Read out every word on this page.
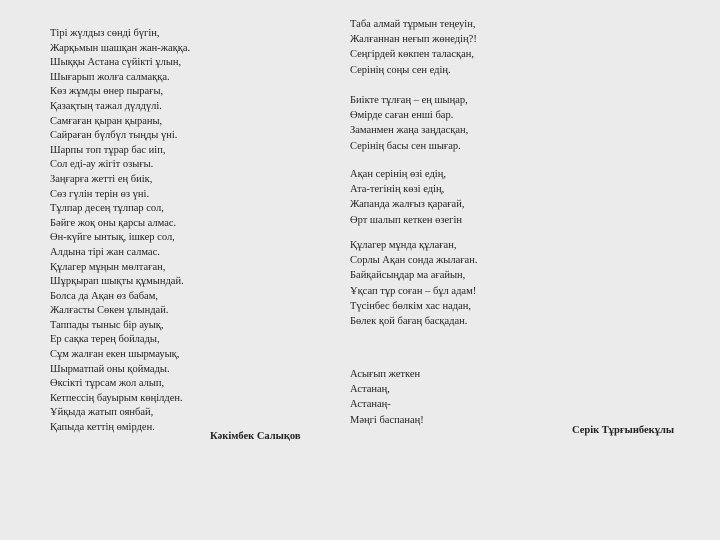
Тірі жүлдыз сөнді бүгін,
Жарқьмын шашқан жан-жаққа.
Шыққы Астана сүйікті ұлын,
Шығарып жолға салмаққа.
Көз жұмды өнер пырағы,
Қазақтың тажал дүлдүлі.
Самғаған қыран қыраны,
Сайраған бүлбүл тыңды үні.
Шарпы топ тұрар бас иіп,
Сол еді-ау жігіт озығы.
Заңғарға жетті ең биік,
Сөз гүлін терін өз үні.
Тұлпар десең тұлпар сол,
Бәйге жоқ оны қарсы алмас.
Өн-күйге ынтық, ішкер сол,
Алдына тірі жан салмас.
Құлагер мұңын мөлтаған,
Шұрқырап шықты құмындай.
Болса да Ақан өз бабам,
Жалғасты Сөкен ұлындай.
Таппады тыныс бір ауық,
Ер сақка терең бойлады,
Сұм жалған екен шырмауық,
Шырматпай оны қоймады.
Өксікті тұрсам жол алып,
Кетпессің бауырым көңілден.
Ұйқыда жатып оянбай,
Қапыда кеттің өмірден.
Кәкімбек Салықов
Таба алмай тұрмын теңеуін,
Жалғаннан неғып жөнедің?!
Сеңгірдей көкпен таласқан,
Серінің соңы сен едің.
Биікте тұлғаң – ең шыңар,
Өмірде саған енші бар.
Заманмен жаңа заңдасқан,
Серінің басы сен шығар.
Ақан серінің өзі едің,
Ата-тегінің көзі едің,
Жапанда жалғыз қарағай,
Өрт шалып кеткен өзегін
Құлагер мұнда құлаған,
Сорлы Ақан сонда жылаған.
Байқайсыңдар ма ағайын,
Ұқсап тұр соған – бұл адам!
Түсінбес бөлкім хас надан,
Бөлек қой бағаң басқадан.
Асығып жеткен
Астанаң,
Астанаң-
Мәңгі баспанаң!
Серік Тұрғынбекұлы
